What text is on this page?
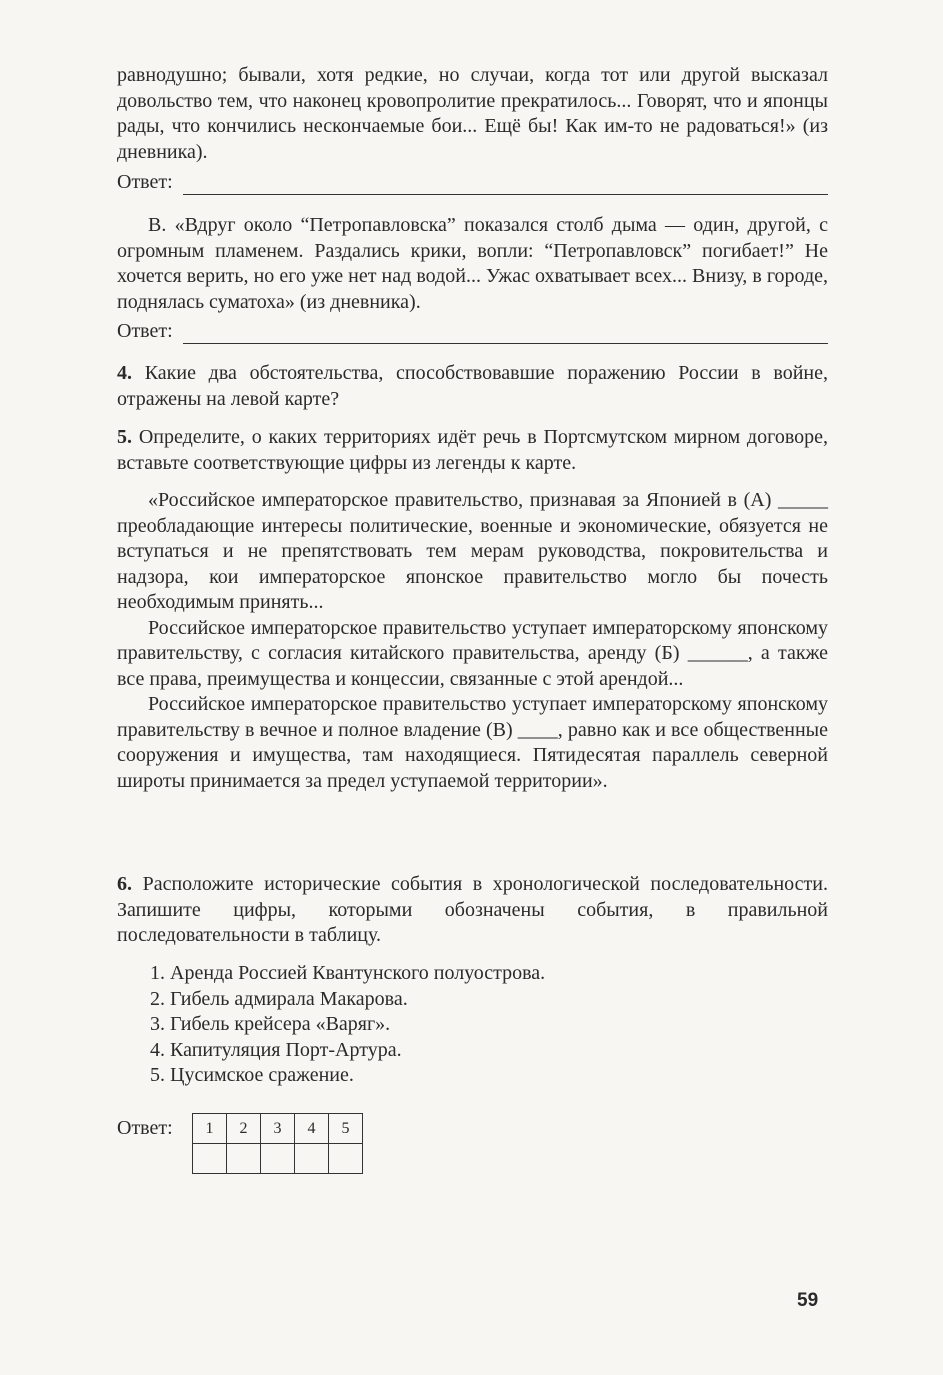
равнодушно; бывали, хотя редкие, но случаи, когда тот или другой высказал довольство тем, что наконец кровопролитие прекратилось... Говорят, что и японцы рады, что кончились нескончаемые бои... Ещё бы! Как им-то не радоваться!» (из дневника).

Ответ:

В. «Вдруг около “Петропавловска” показался столб дыма — один, другой, с огромным пламенем. Раздались крики, вопли: “Петропавловск” погибает!” Не хочется верить, но его уже нет над водой... Ужас охватывает всех... Внизу, в городе, поднялась суматоха» (из дневника).

Ответ:

4. Какие два обстоятельства, способствовавшие поражению России в войне, отражены на левой карте?

5. Определите, о каких территориях идёт речь в Портсмутском мирном договоре, вставьте соответствующие цифры из легенды к карте.

«Российское императорское правительство, признавая за Японией в (А) _____ преобладающие интересы политические, военные и экономические, обязуется не вступаться и не препятствовать тем мерам руководства, покровительства и надзора, кои императорское японское правительство могло бы почесть необходимым принять...

Российское императорское правительство уступает императорскому японскому правительству, с согласия китайского правительства, аренду (Б) ______, а также все права, преимущества и концессии, связанные с этой арендой...

Российское императорское правительство уступает императорскому японскому правительству в вечное и полное владение (В) ____, равно как и все общественные сооружения и имущества, там находящиеся. Пятидесятая параллель северной широты принимается за предел уступаемой территории».

6. Расположите исторические события в хронологической последовательности. Запишите цифры, которыми обозначены события, в правильной последовательности в таблицу.

1. Аренда Россией Квантунского полуострова.
2. Гибель адмирала Макарова.
3. Гибель крейсера «Варяг».
4. Капитуляция Порт-Артура.
5. Цусимское сражение.
Ответ: 1	2	3	4	5

59
